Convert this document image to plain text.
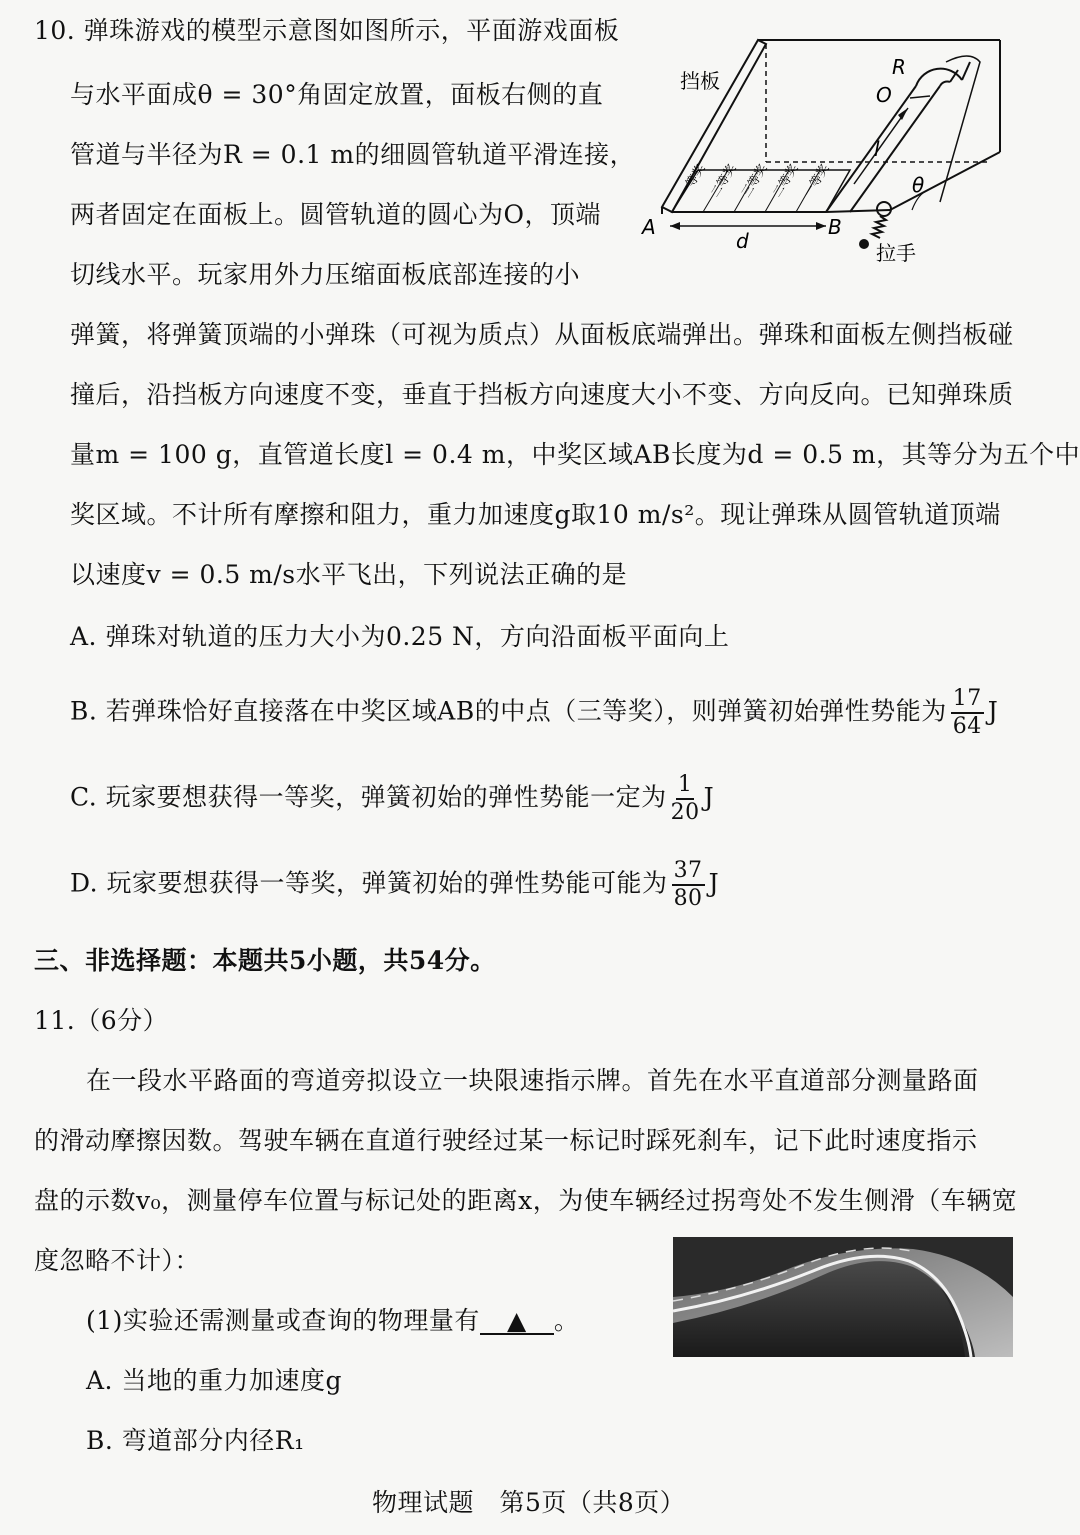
10. 弹珠游戏的模型示意图如图所示，平面游戏面板
与水平面成θ = 30°角固定放置，面板右侧的直
管道与半径为R = 0.1 m的细圆管轨道平滑连接，
两者固定在面板上。圆管轨道的圆心为O，顶端
切线水平。玩家用外力压缩面板底部连接的小
弹簧，将弹簧顶端的小弹珠（可视为质点）从面板底端弹出。弹珠和面板左侧挡板碰
撞后，沿挡板方向速度不变，垂直于挡板方向速度大小不变、方向反向。已知弹珠质
量m = 100 g，直管道长度l = 0.4 m，中奖区域AB长度为d = 0.5 m，其等分为五个中
奖区域。不计所有摩擦和阻力，重力加速度g取10 m/s²。现让弹珠从圆管轨道顶端
以速度v = 0.5 m/s水平飞出，下列说法正确的是
A. 弹珠对轨道的压力大小为0.25 N，方向沿面板平面向上
B. 若弹珠恰好直接落在中奖区域AB的中点（三等奖），则弹簧初始弹性势能为 $\frac{17}{64}$ J
C. 玩家要想获得一等奖，弹簧初始的弹性势能一定为 $\frac{1}{20}$ J
D. 玩家要想获得一等奖，弹簧初始的弹性势能可能为 $\frac{37}{80}$ J
三、非选择题：本题共5小题，共54分。
11.（6分）
在一段水平路面的弯道旁拟设立一块限速指示牌。首先在水平直道部分测量路面
的滑动摩擦因数。驾驶车辆在直道行驶经过某一标记时踩死刹车，记下此时速度指示
盘的示数v₀，测量停车位置与标记处的距离x，为使车辆经过拐弯处不发生侧滑（车辆宽
度忽略不计）：
(1)实验还需测量或查询的物理量有 ▲ 。
A. 当地的重力加速度g
B. 弯道部分内径R₁
物理试题　第5页（共8页）
一等奖 二等奖 三等奖 二等奖 一等奖
挡板
R
O
l
θ
A	B
d	拉手
